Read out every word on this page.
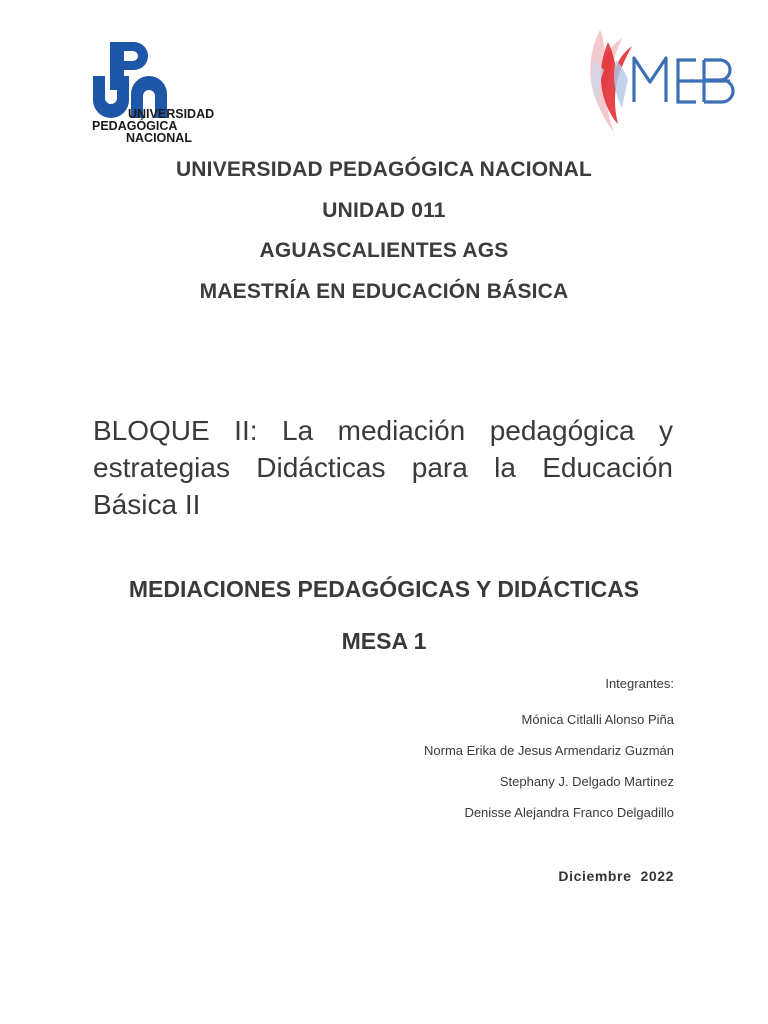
UNIVERSIDAD
PEDAGÓGICA
NACIONAL
UNIVERSIDAD PEDAGÓGICA NACIONAL
UNIDAD 011
AGUASCALIENTES AGS
MAESTRÍA EN EDUCACIÓN BÁSICA
BLOQUE II: La mediación pedagógica y
estrategias Didácticas para la Educación
Básica II
MEDIACIONES PEDAGÓGICAS Y DIDÁCTICAS
MESA 1
Integrantes:
Mónica Citlalli Alonso Piña
Norma Erika de Jesus Armendariz Guzmán
Stephany J. Delgado Martinez
Denisse Alejandra Franco Delgadillo
Diciembre  2022
